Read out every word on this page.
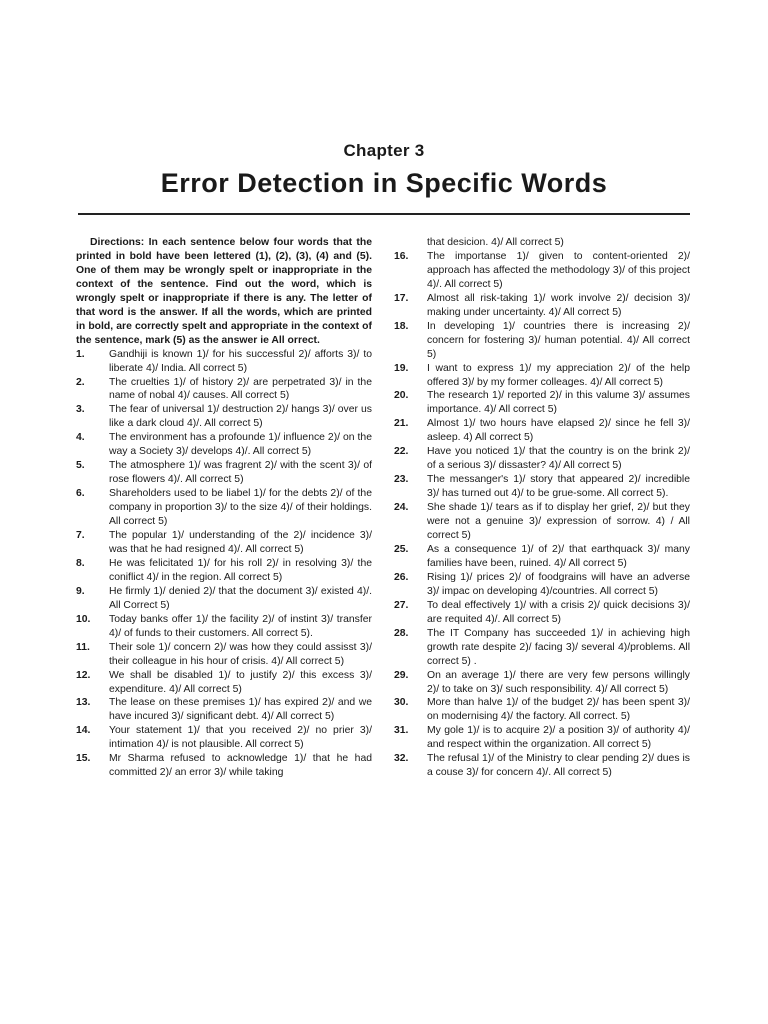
Chapter 3
Error Detection in Specific Words

Directions: In each sentence below four words that the printed in bold have been lettered (1), (2), (3), (4) and (5). One of them may be wrongly spelt or inappropriate in the context of the sentence. Find out the word, which is wrongly spelt or inappropriate if there is any. The letter of that word is the answer. If all the words, which are printed in bold, are correctly spelt and appropriate in the context of the sentence, mark (5) as the answer ie All orrect.

1.	Gandhiji is known 1)/ for his successful 2)/ afforts 3)/ to liberate 4)/ India. All correct 5)
2.	The cruelties 1)/ of history 2)/ are perpetrated 3)/ in the name of nobal 4)/ causes. All correct 5)
3.	The fear of universal 1)/ destruction 2)/ hangs 3)/ over us like a dark cloud 4)/. All correct 5)
4.	The environment has a profounde 1)/ influence 2)/ on the way a Society 3)/ develops 4)/. All correct 5)
5.	The atmosphere 1)/ was fragrent 2)/ with the scent 3)/ of rose flowers 4)/. All correct 5)
6.	Shareholders used to be liabel 1)/ for the debts 2)/ of the company in proportion 3)/ to the size 4)/ of their holdings. All correct 5)
7.	The popular 1)/ understanding of the 2)/ incidence 3)/ was that he had resigned 4)/. All correct 5)
8.	He was felicitated 1)/ for his roll 2)/ in resolving 3)/ the coniflict 4)/ in the region. All correct 5)
9.	He firmly 1)/ denied 2)/ that the document 3)/ existed 4)/. All Correct 5)
10.	Today banks offer 1)/ the facility 2)/ of instint 3)/ transfer 4)/ of funds to their customers. All correct 5).
11.	Their sole 1)/ concern 2)/ was how they could assisst 3)/ their colleague in his hour of crisis. 4)/ All correct 5)
12.	We shall be disabled 1)/ to justify 2)/ this excess 3)/ expenditure. 4)/ All correct 5)
13.	The lease on these premises 1)/ has expired 2)/ and we have incured 3)/ significant debt. 4)/ All correct 5)
14.	Your statement 1)/ that you received 2)/ no prier 3)/ intimation 4)/ is not plausible. All correct 5)
15.	Mr Sharma refused to acknowledge 1)/ that he had committed 2)/ an error 3)/ while taking
that desicion. 4)/ All correct 5)
16.	The importanse 1)/ given to content-oriented 2)/ approach has affected the methodology 3)/ of this project 4)/. All correct 5)
17.	Almost all risk-taking 1)/ work involve 2)/ decision 3)/ making under uncertainty. 4)/ All correct 5)
18.	In developing 1)/ countries there is increasing 2)/ concern for fostering 3)/ human potential. 4)/ All correct 5)
19.	I want to express 1)/ my appreciation 2)/ of the help offered 3)/ by my former colleages. 4)/ All correct 5)
20.	The research 1)/ reported 2)/ in this valume 3)/ assumes importance. 4)/ All correct 5)
21.	Almost 1)/ two hours have elapsed 2)/ since he fell 3)/ asleep. 4) All correct 5)
22.	Have you noticed 1)/ that the country is on the brink 2)/ of a serious 3)/ dissaster? 4)/ All correct 5)
23.	The messanger's 1)/ story that appeared 2)/ incredible 3)/ has turned out 4)/ to be grue-some. All correct 5).
24.	She shade 1)/ tears as if to display her grief, 2)/ but they were not a genuine 3)/ expression of sorrow. 4) / All correct 5)
25.	As a consequence 1)/ of 2)/ that earthquack 3)/ many families have been, ruined. 4)/ All correct 5)
26.	Rising 1)/ prices 2)/ of foodgrains will have an adverse 3)/ impac on developing 4)/countries. All correct 5)
27.	To deal effectively 1)/ with a crisis 2)/ quick decisions 3)/ are requited 4)/. All correct 5)
28.	The IT Company has succeeded 1)/ in achieving high growth rate despite 2)/ facing 3)/ several 4)/problems. All correct 5) .
29.	On an average 1)/ there are very few persons willingly 2)/ to take on 3)/ such responsibility. 4)/ All correct 5)
30.	More than halve 1)/ of the budget 2)/ has been spent 3)/ on modernising 4)/ the factory. All correct. 5)
31.	My gole 1)/ is to acquire 2)/ a position 3)/ of authority 4)/ and respect within the organization. All correct 5)
32.	The refusal 1)/ of the Ministry to clear pending 2)/ dues is a couse 3)/ for concern 4)/. All correct 5)
